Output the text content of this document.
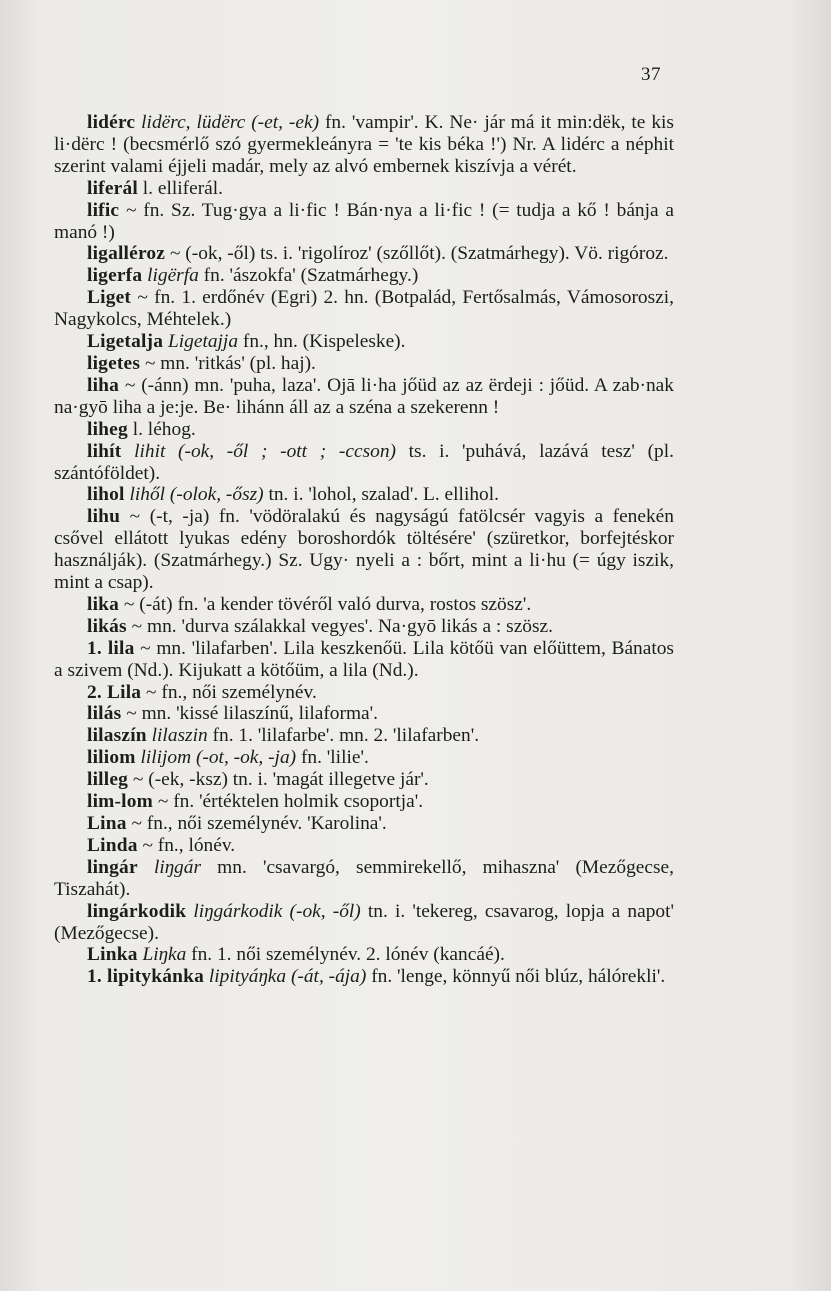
37

lidérc lidërc, lüdërc (-et, -ek) fn. 'vampir'. K. Ne· jár má it min:dëk, te kis li·dërc ! (becsmérlő szó gyermekleányra = 'te kis béka !') Nr. A lidérc a néphit szerint valami éjjeli madár, mely az alvó embernek kiszívja a vérét.

liferál l. elliferál.

lific ~ fn. Sz. Tug·gya a li·fic ! Bán·nya a li·fic ! (= tudja a kő ! bánja a manó !)

ligalléroz ~ (-ok, -ől) ts. i. 'rigolíroz' (szőllőt). (Szatmárhegy). Vö. rigóroz.

ligerfa ligërfa fn. 'ászokfa' (Szatmárhegy.)

Liget ~ fn. 1. erdőnév (Egri) 2. hn. (Botpalád, Fertősalmás, Vámosoroszi, Nagykolcs, Méhtelek.)

Ligetalja Ligetajja fn., hn. (Kispeleske).

ligetes ~ mn. 'ritkás' (pl. haj).

liha ~ (-ánn) mn. 'puha, laza'. Ojā li·ha jőüd az az ërdeji : jőüd. A zab·nak na·gyō liha a je:je. Be· lihánn áll az a széna a szekerenn !

liheg l. léhog.

lihít lihit (-ok, -ől ; -ott ; -ccson) ts. i. 'puhává, lazává tesz' (pl. szántóföldet).

lihol lihől (-olok, -ősz) tn. i. 'lohol, szalad'. L. ellihol.

lihu ~ (-t, -ja) fn. 'vödöralakú és nagyságú fatölcsér vagyis a fenekén csővel ellátott lyukas edény boroshordók töltésére' (szüretkor, borfejtéskor használják). (Szatmárhegy.) Sz. Ugy· nyeli a : bőrt, mint a li·hu (= úgy iszik, mint a csap).

lika ~ (-át) fn. 'a kender tövéről való durva, rostos szösz'.

likás ~ mn. 'durva szálakkal vegyes'. Na·gyō likás a : szösz.

1. lila ~ mn. 'lilafarben'. Lila keszkenőü. Lila kötőü van előüttem, Bánatos a szivem (Nd.). Kijukatt a kötőüm, a lila (Nd.).

2. Lila ~ fn., női személynév.

lilás ~ mn. 'kissé lilaszínű, lilaforma'.

lilaszín lilaszin fn. 1. 'lilafarbe'. mn. 2. 'lilafarben'.

liliom lilijom (-ot, -ok, -ja) fn. 'lilie'.

lilleg ~ (-ek, -ksz) tn. i. 'magát illegetve jár'.

lim-lom ~ fn. 'értéktelen holmik csoportja'.

Lina ~ fn., női személynév. 'Karolina'.

Linda ~ fn., lónév.

lingár liŋgár mn. 'csavargó, semmirekellő, mihaszna' (Mezőgecse, Tiszahát).

lingárkodik liŋgárkodik (-ok, -ől) tn. i. 'tekereg, csavarog, lopja a napot' (Mezőgecse).

Linka Liŋka fn. 1. női személynév. 2. lónév (kancáé).

1. lipitykánka lipityáŋka (-át, -ája) fn. 'lenge, könnyű női blúz, hálórekli'.
